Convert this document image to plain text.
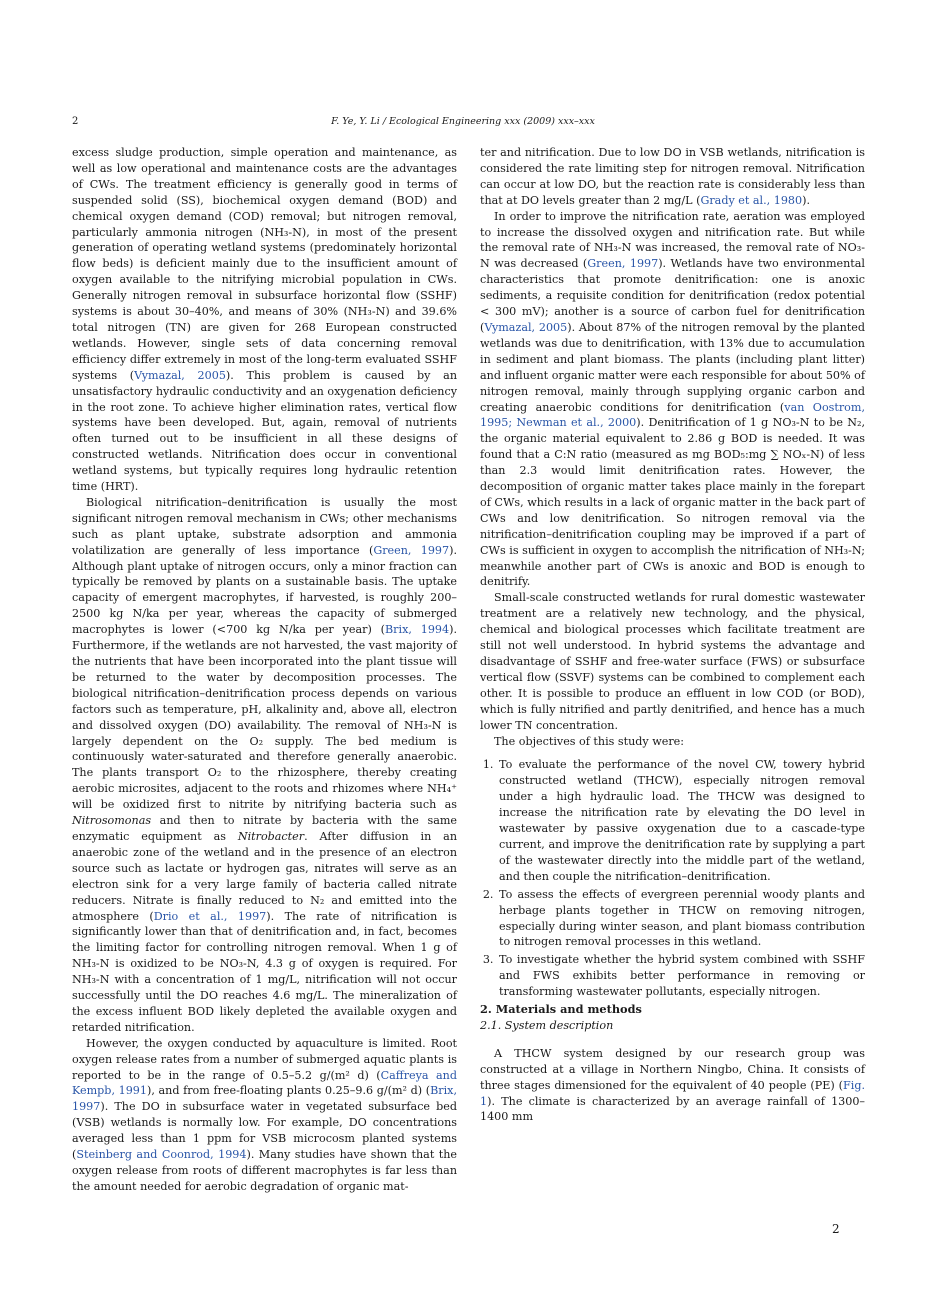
2	F. Ye, Y. Li / Ecological Engineering xxx (2009) xxx–xxx

excess sludge production, simple operation and maintenance, as well as low operational and maintenance costs are the advantages of CWs. The treatment efficiency is generally good in terms of suspended solid (SS), biochemical oxygen demand (BOD) and chemical oxygen demand (COD) removal; but nitrogen removal, particularly ammonia nitrogen (NH₃-N), in most of the present generation of operating wetland systems (predominately horizontal flow beds) is deficient mainly due to the insufficient amount of oxygen available to the nitrifying microbial population in CWs. Generally nitrogen removal in subsurface horizontal flow (SSHF) systems is about 30–40%, and means of 30% (NH₃-N) and 39.6% total nitrogen (TN) are given for 268 European constructed wetlands. However, single sets of data concerning removal efficiency differ extremely in most of the long-term evaluated SSHF systems (Vymazal, 2005). This problem is caused by an unsatisfactory hydraulic conductivity and an oxygenation deficiency in the root zone. To achieve higher elimination rates, vertical flow systems have been developed. But, again, removal of nutrients often turned out to be insufficient in all these designs of constructed wetlands. Nitrification does occur in conventional wetland systems, but typically requires long hydraulic retention time (HRT).

Biological nitrification–denitrification is usually the most significant nitrogen removal mechanism in CWs; other mechanisms such as plant uptake, substrate adsorption and ammonia volatilization are generally of less importance (Green, 1997). Although plant uptake of nitrogen occurs, only a minor fraction can typically be removed by plants on a sustainable basis. The uptake capacity of emergent macrophytes, if harvested, is roughly 200–2500 kg N/ka per year, whereas the capacity of submerged macrophytes is lower (<700 kg N/ka per year) (Brix, 1994). Furthermore, if the wetlands are not harvested, the vast majority of the nutrients that have been incorporated into the plant tissue will be returned to the water by decomposition processes. The biological nitrification–denitrification process depends on various factors such as temperature, pH, alkalinity and, above all, electron and dissolved oxygen (DO) availability. The removal of NH₃-N is largely dependent on the O₂ supply. The bed medium is continuously water-saturated and therefore generally anaerobic. The plants transport O₂ to the rhizosphere, thereby creating aerobic microsites, adjacent to the roots and rhizomes where NH₄⁺ will be oxidized first to nitrite by nitrifying bacteria such as Nitrosomonas and then to nitrate by bacteria with the same enzymatic equipment as Nitrobacter. After diffusion in an anaerobic zone of the wetland and in the presence of an electron source such as lactate or hydrogen gas, nitrates will serve as an electron sink for a very large family of bacteria called nitrate reducers. Nitrate is finally reduced to N₂ and emitted into the atmosphere (Drio et al., 1997). The rate of nitrification is significantly lower than that of denitrification and, in fact, becomes the limiting factor for controlling nitrogen removal. When 1 g of NH₃-N is oxidized to be NO₃-N, 4.3 g of oxygen is required. For NH₃-N with a concentration of 1 mg/L, nitrification will not occur successfully until the DO reaches 4.6 mg/L. The mineralization of the excess influent BOD likely depleted the available oxygen and retarded nitrification.

However, the oxygen conducted by aquaculture is limited. Root oxygen release rates from a number of submerged aquatic plants is reported to be in the range of 0.5–5.2 g/(m² d) (Caffreya and Kempb, 1991), and from free-floating plants 0.25–9.6 g/(m² d) (Brix, 1997). The DO in subsurface water in vegetated subsurface bed (VSB) wetlands is normally low. For example, DO concentrations averaged less than 1 ppm for VSB microcosm planted systems (Steinberg and Coonrod, 1994). Many studies have shown that the oxygen release from roots of different macrophytes is far less than the amount needed for aerobic degradation of organic mat-

ter and nitrification. Due to low DO in VSB wetlands, nitrification is considered the rate limiting step for nitrogen removal. Nitrification can occur at low DO, but the reaction rate is considerably less than that at DO levels greater than 2 mg/L (Grady et al., 1980).

In order to improve the nitrification rate, aeration was employed to increase the dissolved oxygen and nitrification rate. But while the removal rate of NH₃-N was increased, the removal rate of NO₃-N was decreased (Green, 1997). Wetlands have two environmental characteristics that promote denitrification: one is anoxic sediments, a requisite condition for denitrification (redox potential < 300 mV); another is a source of carbon fuel for denitrification (Vymazal, 2005). About 87% of the nitrogen removal by the planted wetlands was due to denitrification, with 13% due to accumulation in sediment and plant biomass. The plants (including plant litter) and influent organic matter were each responsible for about 50% of nitrogen removal, mainly through supplying organic carbon and creating anaerobic conditions for denitrification (van Oostrom, 1995; Newman et al., 2000). Denitrification of 1 g NO₃-N to be N₂, the organic material equivalent to 2.86 g BOD is needed. It was found that a C:N ratio (measured as mg BOD₅:mg ∑ NOₓ-N) of less than 2.3 would limit denitrification rates. However, the decomposition of organic matter takes place mainly in the forepart of CWs, which results in a lack of organic matter in the back part of CWs and low denitrification. So nitrogen removal via the nitrification–denitrification coupling may be improved if a part of CWs is sufficient in oxygen to accomplish the nitrification of NH₃-N; meanwhile another part of CWs is anoxic and BOD is enough to denitrify.

Small-scale constructed wetlands for rural domestic wastewater treatment are a relatively new technology, and the physical, chemical and biological processes which facilitate treatment are still not well understood. In hybrid systems the advantage and disadvantage of SSHF and free-water surface (FWS) or subsurface vertical flow (SSVF) systems can be combined to complement each other. It is possible to produce an effluent in low COD (or BOD), which is fully nitrified and partly denitrified, and hence has a much lower TN concentration.

The objectives of this study were:

1. To evaluate the performance of the novel CW, towery hybrid constructed wetland (THCW), especially nitrogen removal under a high hydraulic load. The THCW was designed to increase the nitrification rate by elevating the DO level in wastewater by passive oxygenation due to a cascade-type current, and improve the denitrification rate by supplying a part of the wastewater directly into the middle part of the wetland, and then couple the nitrification–denitrification.
2. To assess the effects of evergreen perennial woody plants and herbage plants together in THCW on removing nitrogen, especially during winter season, and plant biomass contribution to nitrogen removal processes in this wetland.
3. To investigate whether the hybrid system combined with SSHF and FWS exhibits better performance in removing or transforming wastewater pollutants, especially nitrogen.

2. Materials and methods

2.1. System description

A THCW system designed by our research group was constructed at a village in Northern Ningbo, China. It consists of three stages dimensioned for the equivalent of 40 people (PE) (Fig. 1). The climate is characterized by an average rainfall of 1300–1400 mm

2
